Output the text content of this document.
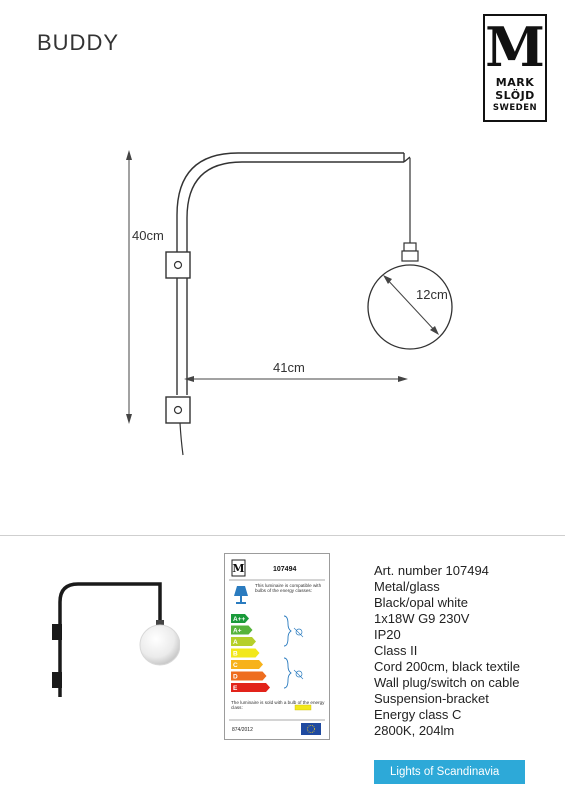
BUDDY	M
MARK
SLÖJD
SWEDEN
40cm
12cm
41cm
M	107494
This luminaire is compatible with bulbs of the energy classes:
A++
A+
A
B
C
D
E
The luminaire is sold with a bulb of the energy class:
874/2012
Art. number 107494
Metal/glass
Black/opal white
1x18W G9 230V
IP20
Class II
Cord 200cm, black textile
Wall plug/switch on cable
Suspension-bracket
Energy class C
2800K, 204lm
Lights of Scandinavia
